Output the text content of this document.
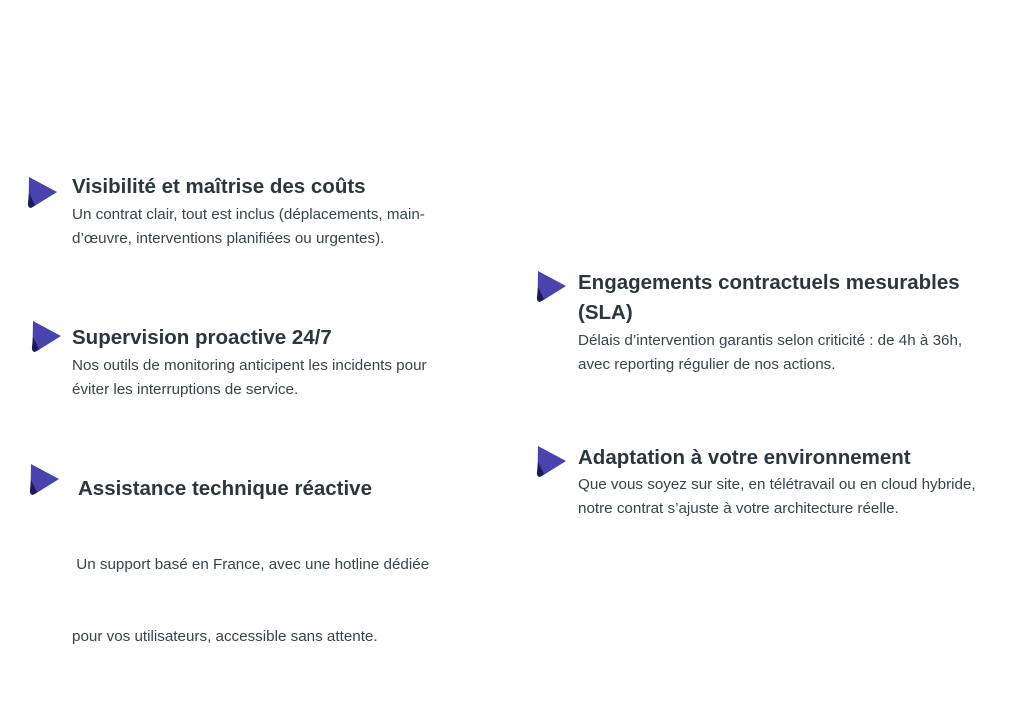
Visibilité et maîtrise des coûts
Un contrat clair, tout est inclus (déplacements, main-
d’œuvre, interventions planifiées ou urgentes).
Supervision proactive 24/7
Nos outils de monitoring anticipent les incidents pour
éviter les interruptions de service.
Assistance technique réactive

Un support basé en France, avec une hotline dédiée

pour vos utilisateurs, accessible sans attente.

Engagements contractuels mesurables
(SLA)
Délais d’intervention garantis selon criticité : de 4h à 36h,
avec reporting régulier de nos actions.
Adaptation à votre environnement
Que vous soyez sur site, en télétravail ou en cloud hybride,
notre contrat s’ajuste à votre architecture réelle.
